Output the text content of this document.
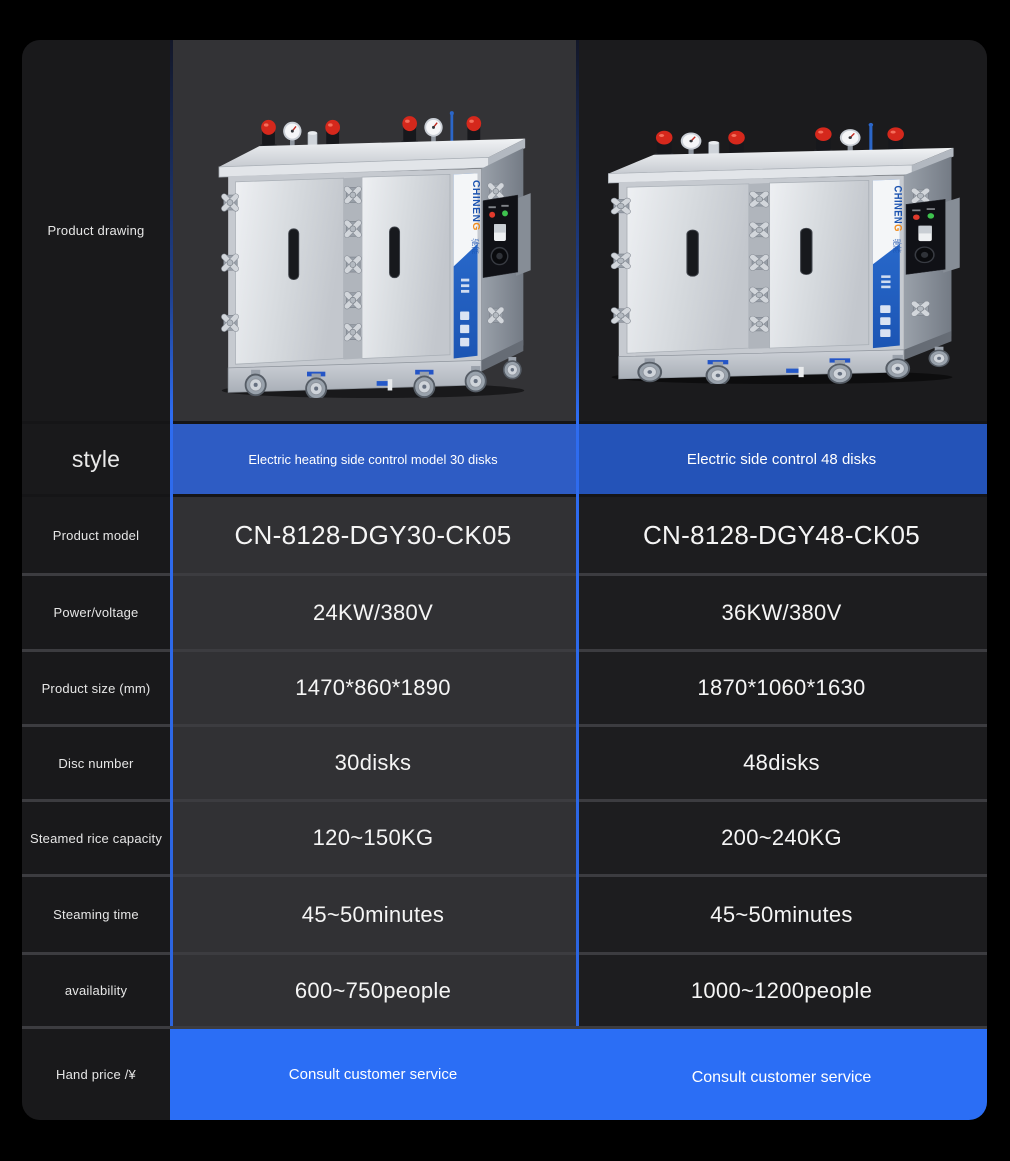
Product drawing
style	Electric heating side control model 30 disks	Electric side control 48 disks
Product model	CN-8128-DGY30-CK05	CN-8128-DGY48-CK05
Power/voltage	24KW/380V	36KW/380V
Product size (mm)	1470*860*1890	1870*1060*1630
Disc number	30disks	48disks
Steamed rice capacity	120~150KG	200~240KG
Steaming time	45~50minutes	45~50minutes
availability	600~750people	1000~1200people
Hand price /¥	Consult customer service	Consult customer service
